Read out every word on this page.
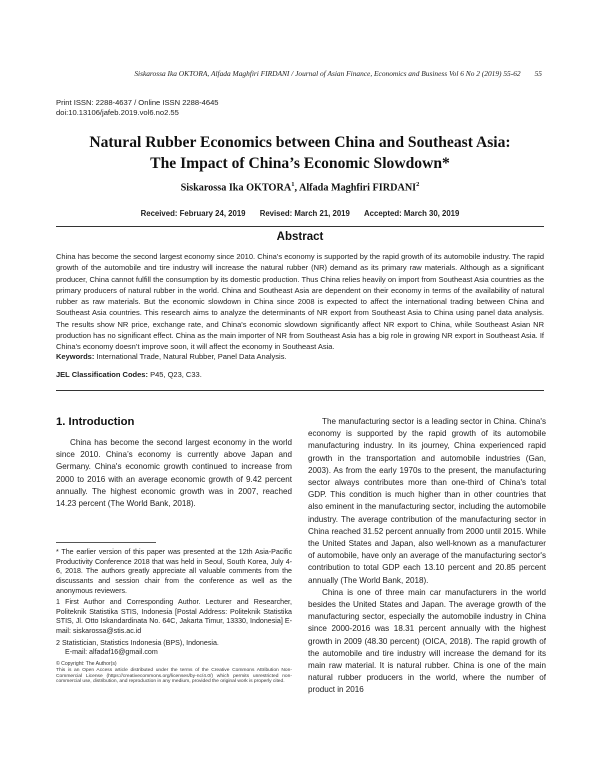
Siskarossa Ika OKTORA, Alfada Maghfiri FIRDANI / Journal of Asian Finance, Economics and Business Vol 6 No 2 (2019) 55-62 55
Print ISSN: 2288-4637 / Online ISSN 2288-4645
doi:10.13106/jafeb.2019.vol6.no2.55
Natural Rubber Economics between China and Southeast Asia:
The Impact of China’s Economic Slowdown*
Siskarossa Ika OKTORA$^1$, Alfada Maghfiri FIRDANI$^2$
Received: February 24, 2019 Revised: March 21, 2019 Accepted: March 30, 2019
Abstract
China has become the second largest economy since 2010. China’s economy is supported by the rapid growth of its automobile industry. The rapid growth of the automobile and tire industry will increase the natural rubber (NR) demand as its primary raw materials. Although as a significant producer, China cannot fulfill the consumption by its domestic production. Thus China relies heavily on import from Southeast Asia countries as the primary producers of natural rubber in the world. China and Southeast Asia are dependent on their economy in terms of the availability of natural rubber as raw materials. But the economic slowdown in China since 2008 is expected to affect the international trading between China and Southeast Asia countries. This research aims to analyze the determinants of NR export from Southeast Asia to China using panel data analysis. The results show NR price, exchange rate, and China's economic slowdown significantly affect NR export to China, while Southeast Asian NR production has no significant effect. China as the main importer of NR from Southeast Asia has a big role in growing NR export in Southeast Asia. If China's economy doesn’t improve soon, it will affect the economy in Southeast Asia.
Keywords: International Trade, Natural Rubber, Panel Data Analysis.
JEL Classification Codes: P45, Q23, C33.
1. Introduction

China has become the second largest economy in the world since 2010. China’s economy is currently above Japan and Germany. China's economic growth continued to increase from 2000 to 2016 with an average economic growth of 9.42 percent annually. The highest economic growth was in 2007, reached 14.23 percent (The World Bank, 2018).

* The earlier version of this paper was presented at the 12th Asia-Pacific Productivity Conference 2018 that was held in Seoul, South Korea, July 4-6, 2018. The authors greatly appreciate all valuable comments from the discussants and session chair from the conference as well as the anonymous reviewers.
1 First Author and Corresponding Author. Lecturer and Researcher, Politeknik Statistika STIS, Indonesia [Postal Address: Politeknik Statistika STIS, Jl. Otto Iskandardinata No. 64C, Jakarta Timur, 13330, Indonesia] E-mail: siskarossa@stis.ac.id
2 Statistician, Statistics Indonesia (BPS), Indonesia.
E-mail: alfadaf16@gmail.com
© Copyright: The Author(s)
This is an Open Access article distributed under the terms of the Creative Commons Attribution Non-Commercial License (https://creativecommons.org/licenses/by-nc/4.0/) which permits unrestricted non-commercial use, distribution, and reproduction in any medium, provided the original work is properly cited.

The manufacturing sector is a leading sector in China. China's economy is supported by the rapid growth of its automobile manufacturing industry. In its journey, China experienced rapid growth in the transportation and automobile industries (Gan, 2003). As from the early 1970s to the present, the manufacturing sector always contributes more than one-third of China's total GDP. This condition is much higher than in other countries that also eminent in the manufacturing sector, including the automobile industry. The average contribution of the manufacturing sector in China reached 31.52 percent annually from 2000 until 2015. While the United States and Japan, also well-known as a manufacturer of automobile, have only an average of the manufacturing sector's contribution to total GDP each 13.10 percent and 20.85 percent annually (The World Bank, 2018).

China is one of three main car manufacturers in the world besides the United States and Japan. The average growth of the manufacturing sector, especially the automobile industry in China since 2000-2016 was 18.31 percent annually with the highest growth in 2009 (48.30 percent) (OICA, 2018). The rapid growth of the automobile and tire industry will increase the demand for its main raw material. It is natural rubber. China is one of the main natural rubber producers in the world, where the number of product in 2016
